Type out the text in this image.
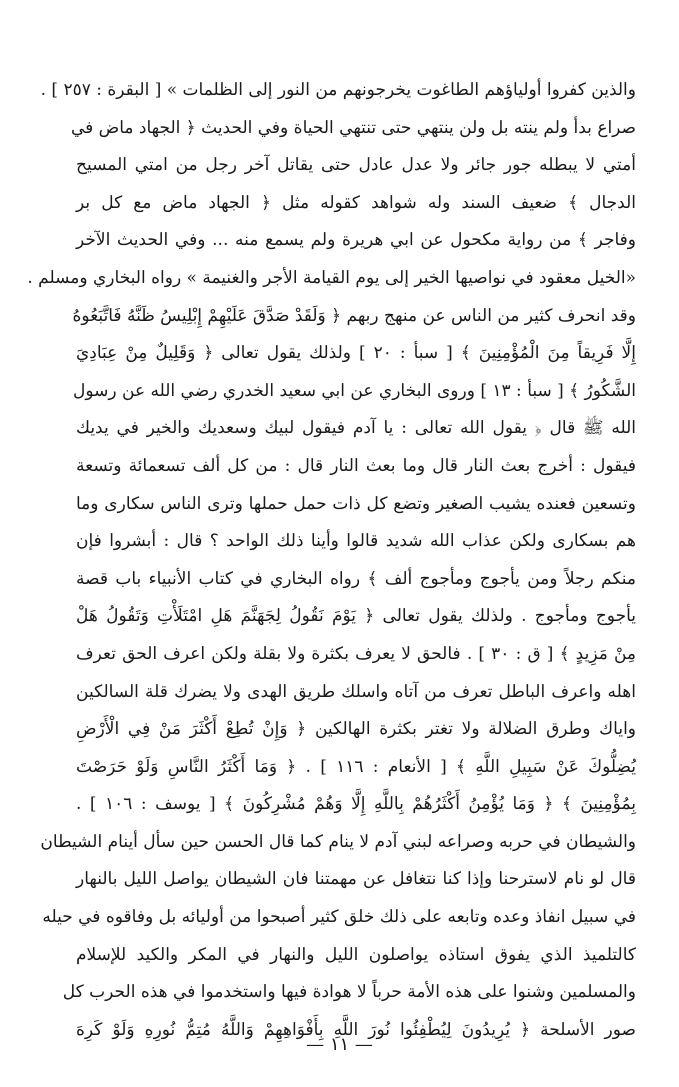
والذين كفروا أولياؤهم الطاغوت يخرجونهم من النور إلى الظلمات » [ البقرة : ٢٥٧ ] .
صراع بدأ ولم ينته بل ولن ينتهي حتى تنتهي الحياة وفي الحديث ﴿ الجهاد ماض في
أمتي لا يبطله جور جائر ولا عدل عادل حتى يقاتل آخر رجل من امتي المسيح
الدجال ﴾ ضعيف السند وله شواهد كقوله مثل ﴿ الجهاد ماض مع كل بر
وفاجر ﴾ من رواية مكحول عن ابي هريرة ولم يسمع منه ... وفي الحديث الآخر
«الخيل معقود في نواصيها الخير إلى يوم القيامة الأجر والغنيمة » رواه البخاري ومسلم .
وقد انحرف كثير من الناس عن منهج ربهم ﴿ وَلَقَدْ صَدَّقَ عَلَيْهِمْ إِبْلِيسُ ظَنَّهُ فَاتَّبَعُوهُ
إِلَّا فَرِيقاً مِنَ الْمُؤْمِنِينَ ﴾ [ سبأ : ٢٠ ] ولذلك يقول تعالى ﴿ وَقَلِيلٌ مِنْ عِبَادِيَ
الشَّكُورُ ﴾ [ سبأ : ١٣ ] وروى البخاري عن ابي سعيد الخدري رضي الله عن رسول
الله ﷺ قال ﴿ يقول الله تعالى : يا آدم فيقول لبيك وسعديك والخير في يديك
فيقول : أخرج بعث النار قال وما بعث النار قال : من كل ألف تسعمائة وتسعة
وتسعين فعنده يشيب الصغير وتضع كل ذات حمل حملها وترى الناس سكارى وما
هم بسكارى ولكن عذاب الله شديد قالوا وأينا ذلك الواحد ؟ قال : أبشروا فإن
منكم رجلاً ومن يأجوج ومأجوج ألف ﴾ رواه البخاري في كتاب الأنبياء باب قصة
يأجوج ومأجوج . ولذلك يقول تعالى ﴿ يَوْمَ نَقُولُ لِجَهَنَّمَ هَلِ امْتَلَأْتِ وَتَقُولُ هَلْ
مِنْ مَزِيدٍ ﴾ [ ق : ٣٠ ] . فالحق لا يعرف بكثرة ولا بقلة ولكن اعرف الحق تعرف
اهله واعرف الباطل تعرف من آتاه واسلك طريق الهدى ولا يضرك قلة السالكين
واياك وطرق الضلالة ولا تغتر بكثرة الهالكين ﴿ وَإِنْ تُطِعْ أَكْثَرَ مَنْ فِي الْأَرْضِ
يُضِلُّوكَ عَنْ سَبِيلِ اللَّهِ ﴾ [ الأنعام : ١١٦ ] . ﴿ وَمَا أَكْثَرُ النَّاسِ وَلَوْ حَرَصْتَ
بِمُؤْمِنِينَ ﴾ ﴿ وَمَا يُؤْمِنُ أَكْثَرُهُمْ بِاللَّهِ إِلَّا وَهُمْ مُشْرِكُونَ ﴾ [ يوسف : ١٠٦ ] .
والشيطان في حربه وصراعه لبني آدم لا ينام كما قال الحسن حين سأل أينام الشيطان
قال لو نام لاسترحنا وإذا كنا نتغافل عن مهمتنا فان الشيطان يواصل الليل بالنهار
في سبيل انفاذ وعده وتابعه على ذلك خلق كثير أصبحوا من أوليائه بل وفاقوه في حيله
كالتلميذ الذي يفوق استاذه يواصلون الليل والنهار في المكر والكيد للإسلام
والمسلمين وشنوا على هذه الأمة حرباً لا هوادة فيها واستخدموا في هذه الحرب كل
صور الأسلحة ﴿ يُرِيدُونَ لِيُطْفِئُوا نُورَ اللَّهِ بِأَفْوَاهِهِمْ وَاللَّهُ مُتِمُّ نُورِهِ وَلَوْ كَرِهَ
— ١١ —
